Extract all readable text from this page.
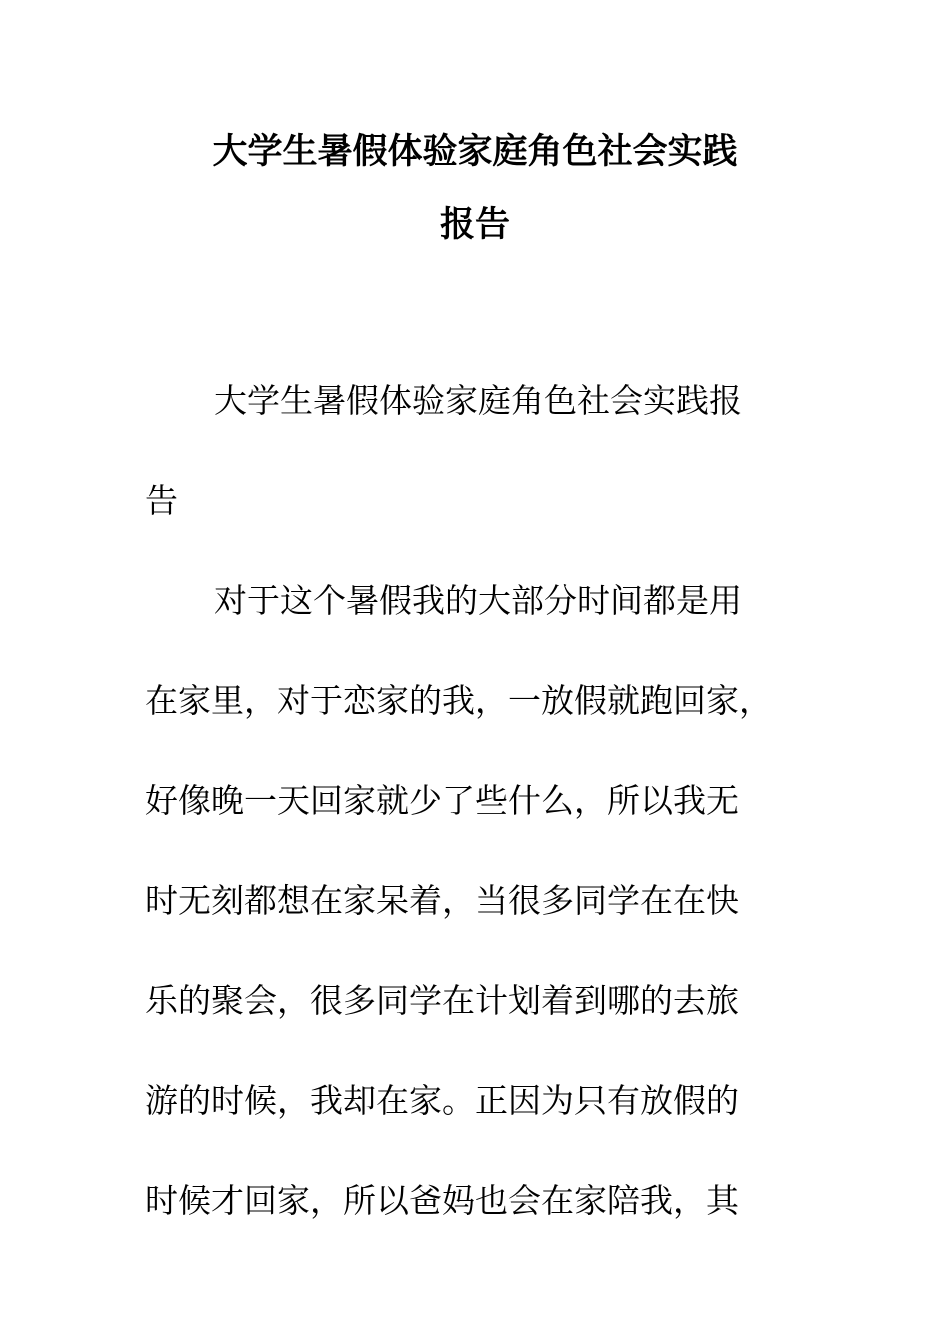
大学生暑假体验家庭角色社会实践
报告
大学生暑假体验家庭角色社会实践报
告
对于这个暑假我的大部分时间都是用
在家里，对于恋家的我，一放假就跑回家，
好像晚一天回家就少了些什么，所以我无
时无刻都想在家呆着，当很多同学在在快
乐的聚会，很多同学在计划着到哪的去旅
游的时候，我却在家。正因为只有放假的
时候才回家，所以爸妈也会在家陪我，其
